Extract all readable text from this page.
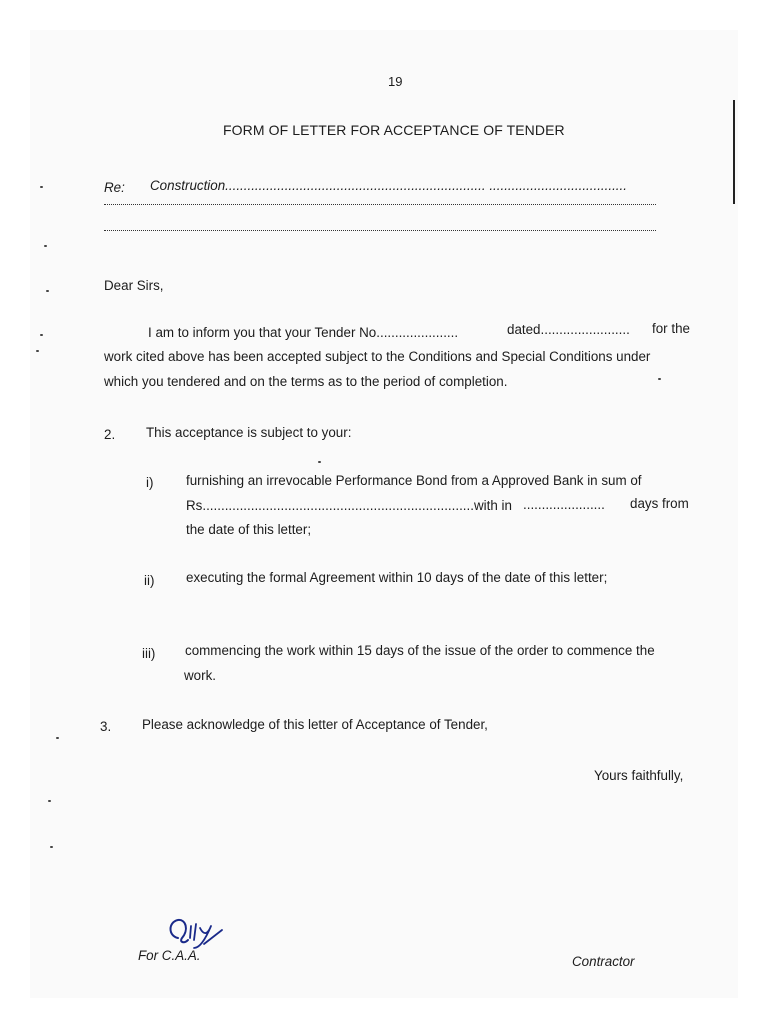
19
FORM OF LETTER FOR ACCEPTANCE OF TENDER
Re: Construction...................................................................... .....................................
Dear Sirs,
I am to inform you that your Tender No......................	dated........................ for the
work cited above has been accepted subject to the Conditions and Special Conditions under
which you tendered and on the terms as to the period of completion.
2. This acceptance is subject to your:
i) furnishing an irrevocable Performance Bond from a Approved Bank in sum of
Rs.........................................................................with in ...................... days from
the date of this letter;
ii) executing the formal Agreement within 10 days of the date of this letter;
iii) commencing the work within 15 days of the issue of the order to commence the
work.
3. Please acknowledge of this letter of Acceptance of Tender,
Yours faithfully,
For C.A.A.	Contractor
